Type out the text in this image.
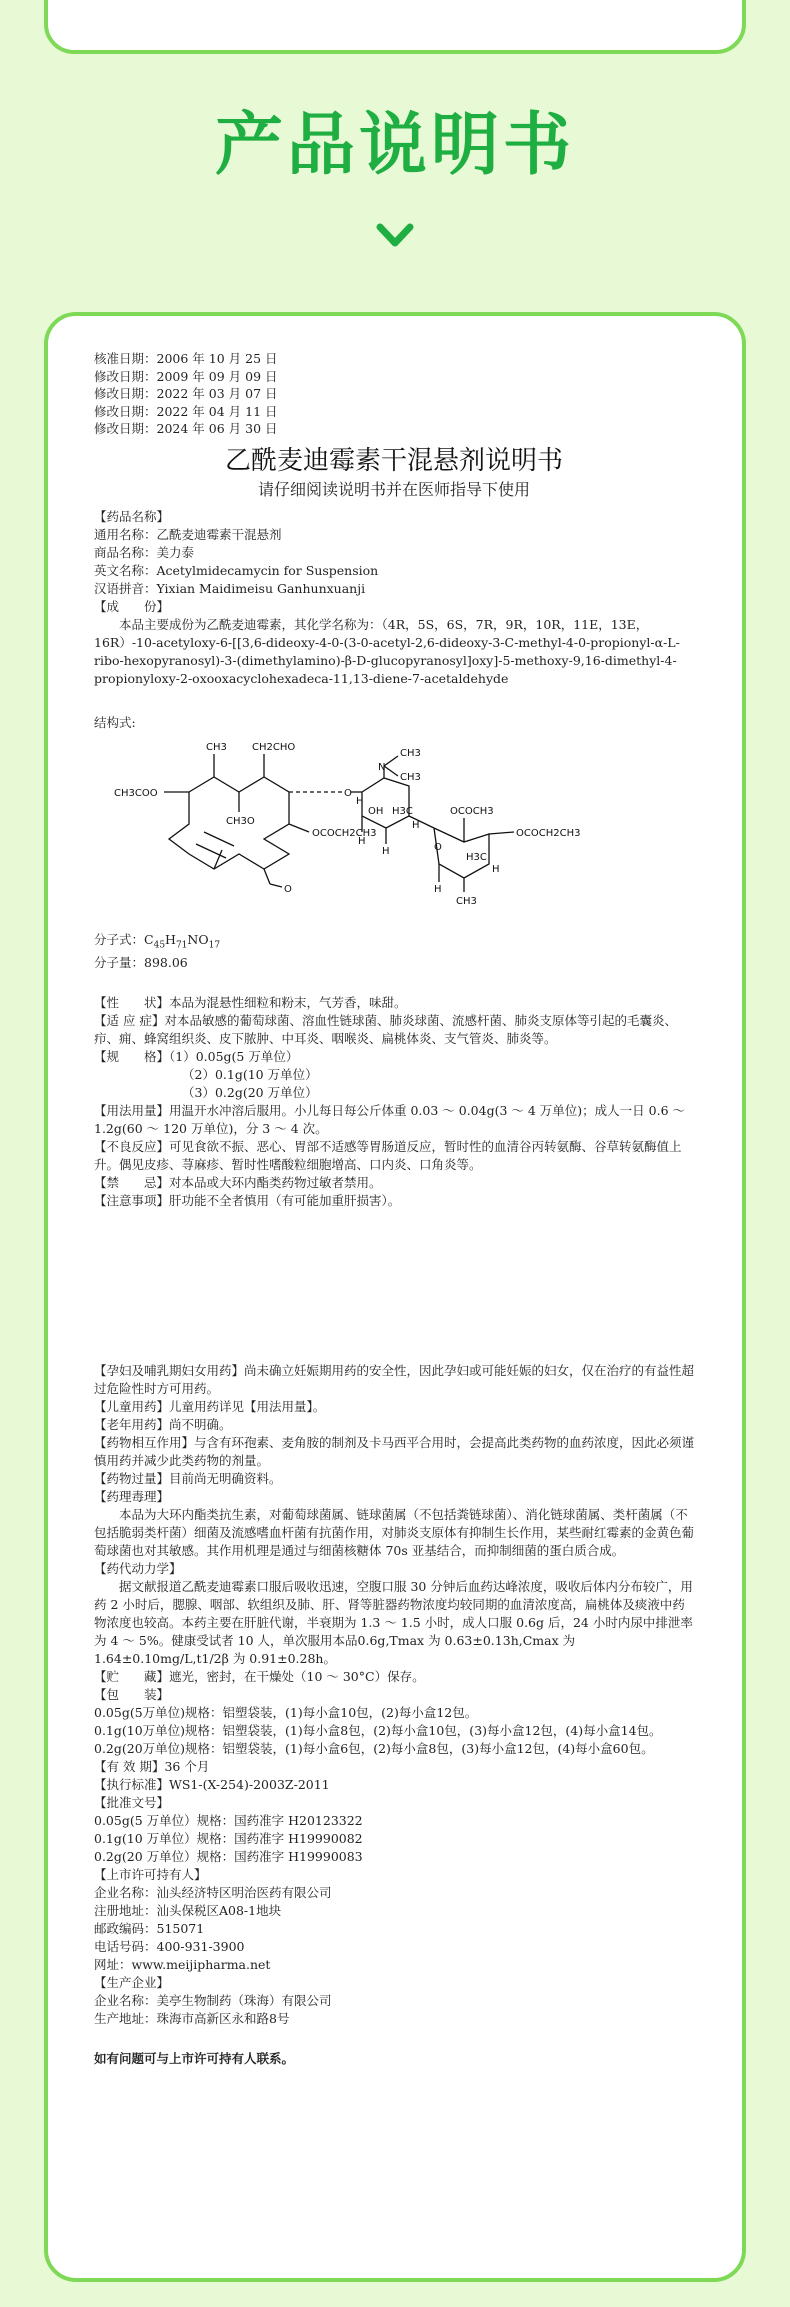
产品说明书
核准日期：2006 年 10 月 25 日
修改日期：2009 年 09 月 09 日
修改日期：2022 年 03 月 07 日
修改日期：2022 年 04 月 11 日
修改日期：2024 年 06 月 30 日
乙酰麦迪霉素干混悬剂说明书
请仔细阅读说明书并在医师指导下使用
【药品名称】
通用名称：乙酰麦迪霉素干混悬剂
商品名称：美力泰
英文名称：Acetylmidecamycin for Suspension
汉语拼音：Yixian Maidimeisu Ganhunxuanji
【成　　份】
本品主要成份为乙酰麦迪霉素，其化学名称为：（4R，5S，6S，7R，9R，10R，11E，13E，16R）-10-acetyloxy-6-[[3,6-dideoxy-4-0-(3-0-acetyl-2,6-dideoxy-3-C-methyl-4-0-propionyl-α-L-ribo-hexopyranosyl)-3-(dimethylamino)-β-D-glucopyranosyl]oxy]-5-methoxy-9,16-dimethyl-4-propionyloxy-2-oxooxacyclohexadeca-11,13-diene-7-acetaldehyde
结构式:
CH3	CH2CHO
CH3COO
CH3O
OCOCH2CH3
O
O
N
CH3
CH3
H
OH H3C
H
H
H
O
OCOCH3
OCOCH2CH3
H
H
H3C
CH3
分子式：$C_{45}H_{71}NO_{17}$
分子量：898.06
【性　　状】本品为混悬性细粒和粉末，气芳香，味甜。
【适 应 症】对本品敏感的葡萄球菌、溶血性链球菌、肺炎球菌、流感杆菌、肺炎支原体等引起的毛囊炎、疖、痈、蜂窝组织炎、皮下脓肿、中耳炎、咽喉炎、扁桃体炎、支气管炎、肺炎等。
【规　　格】（1）0.05g(5 万单位）
（2）0.1g(10 万单位）
（3）0.2g(20 万单位）
【用法用量】用温开水冲溶后服用。小儿每日每公斤体重 0.03 ～ 0.04g(3 ～ 4 万单位)；成人一日 0.6 ～ 1.2g(60 ～ 120 万单位)，分 3 ～ 4 次。
【不良反应】可见食欲不振、恶心、胃部不适感等胃肠道反应，暂时性的血清谷丙转氨酶、谷草转氨酶值上升。偶见皮疹、荨麻疹、暂时性嗜酸粒细胞增高、口内炎、口角炎等。
【禁　　忌】对本品或大环内酯类药物过敏者禁用。
【注意事项】肝功能不全者慎用（有可能加重肝损害）。
【孕妇及哺乳期妇女用药】尚未确立妊娠期用药的安全性，因此孕妇或可能妊娠的妇女，仅在治疗的有益性超过危险性时方可用药。
【儿童用药】儿童用药详见【用法用量】。
【老年用药】尚不明确。
【药物相互作用】与含有环孢素、麦角胺的制剂及卡马西平合用时，会提高此类药物的血药浓度，因此必须谨慎用药并减少此类药物的剂量。
【药物过量】目前尚无明确资料。
【药理毒理】
本品为大环内酯类抗生素，对葡萄球菌属、链球菌属（不包括粪链球菌）、消化链球菌属、类杆菌属（不包括脆弱类杆菌）细菌及流感嗜血杆菌有抗菌作用，对肺炎支原体有抑制生长作用，某些耐红霉素的金黄色葡萄球菌也对其敏感。其作用机理是通过与细菌核糖体 70s 亚基结合，而抑制细菌的蛋白质合成。
【药代动力学】
据文献报道乙酰麦迪霉素口服后吸收迅速，空腹口服 30 分钟后血药达峰浓度，吸收后体内分布较广，用药 2 小时后，腮腺、咽部、软组织及肺、肝、肾等脏器药物浓度均较同期的血清浓度高，扁桃体及痰液中药物浓度也较高。本药主要在肝脏代谢，半衰期为 1.3 ～ 1.5 小时，成人口服 0.6g 后，24 小时内尿中排泄率为 4 ～ 5%。健康受试者 10 人，单次服用本品0.6g,Tmax 为 0.63±0.13h,Cmax 为 1.64±0.10mg/L,t1/2β 为 0.91±0.28h。
【贮　　藏】遮光，密封，在干燥处（10 ～ 30°C）保存。
【包　　装】
0.05g(5万单位)规格：铝塑袋装，(1)每小盒10包，(2)每小盒12包。
0.1g(10万单位)规格：铝塑袋装，(1)每小盒8包，(2)每小盒10包，(3)每小盒12包，(4)每小盒14包。
0.2g(20万单位)规格：铝塑袋装，(1)每小盒6包，(2)每小盒8包，(3)每小盒12包，(4)每小盒60包。
【有 效 期】36 个月
【执行标准】WS1-(X-254)-2003Z-2011
【批准文号】
0.05g(5 万单位）规格：国药准字 H20123322
0.1g(10 万单位）规格：国药准字 H19990082
0.2g(20 万单位）规格：国药准字 H19990083
【上市许可持有人】
企业名称：汕头经济特区明治医药有限公司
注册地址：汕头保税区A08-1地块
邮政编码：515071
电话号码：400-931-3900
网址：www.meijipharma.net
【生产企业】
企业名称：美亭生物制药（珠海）有限公司
生产地址：珠海市高新区永和路8号
如有问题可与上市许可持有人联系。
